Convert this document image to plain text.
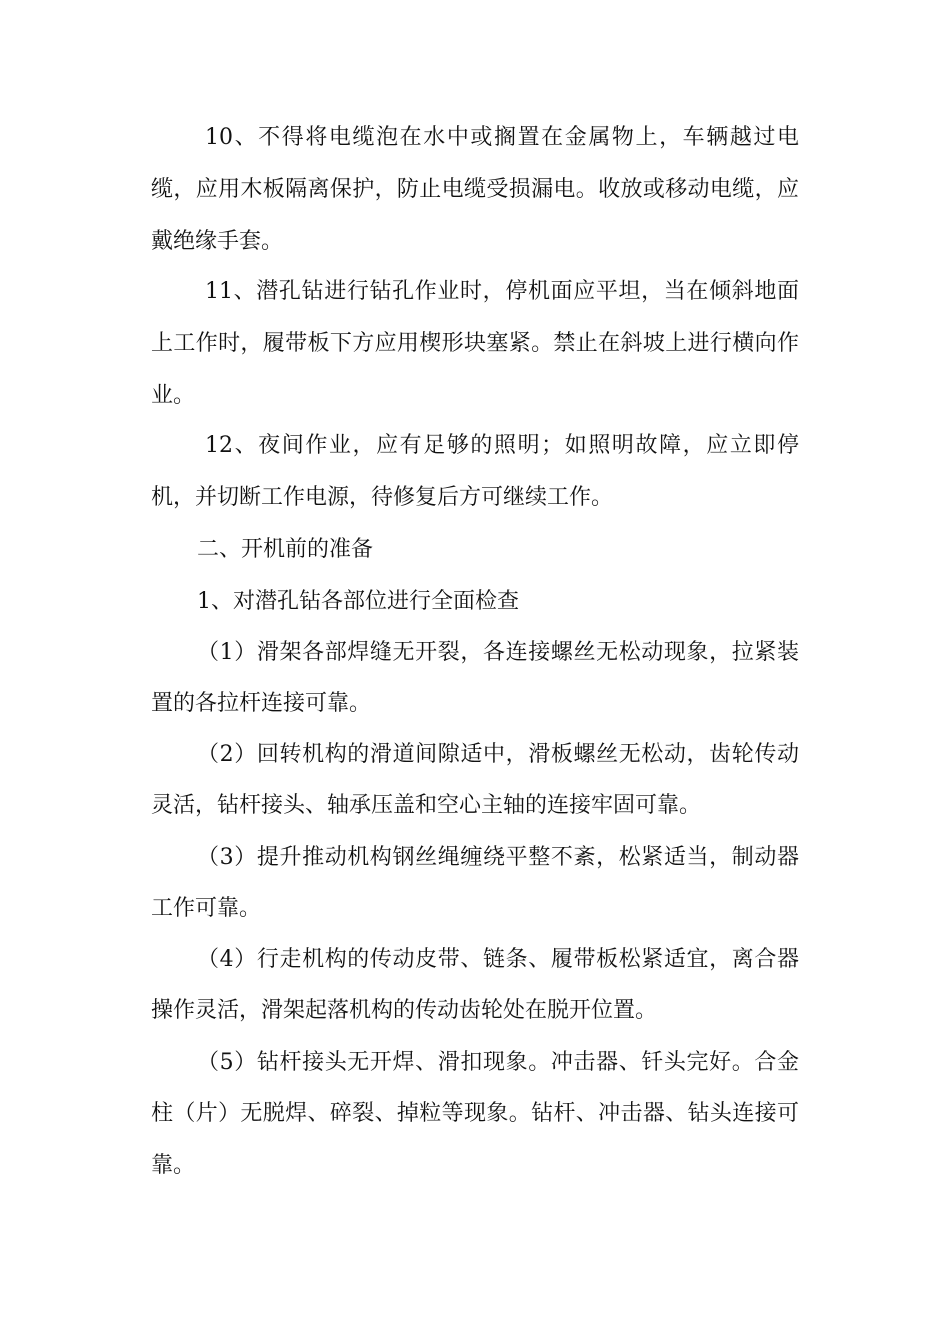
10、不得将电缆泡在水中或搁置在金属物上，车辆越过电
缆，应用木板隔离保护，防止电缆受损漏电。收放或移动电缆，应
戴绝缘手套。
11、潜孔钻进行钻孔作业时，停机面应平坦，当在倾斜地面
上工作时，履带板下方应用楔形块塞紧。禁止在斜坡上进行横向作
业。
12、夜间作业，应有足够的照明；如照明故障，应立即停
机，并切断工作电源，待修复后方可继续工作。
二、开机前的准备
1、对潜孔钻各部位进行全面检查
（1）滑架各部焊缝无开裂，各连接螺丝无松动现象，拉紧装
置的各拉杆连接可靠。
（2）回转机构的滑道间隙适中，滑板螺丝无松动，齿轮传动
灵活，钻杆接头、轴承压盖和空心主轴的连接牢固可靠。
（3）提升推动机构钢丝绳缠绕平整不紊，松紧适当，制动器
工作可靠。
（4）行走机构的传动皮带、链条、履带板松紧适宜，离合器
操作灵活，滑架起落机构的传动齿轮处在脱开位置。
（5）钻杆接头无开焊、滑扣现象。冲击器、钎头完好。合金
柱（片）无脱焊、碎裂、掉粒等现象。钻杆、冲击器、钻头连接可
靠。
